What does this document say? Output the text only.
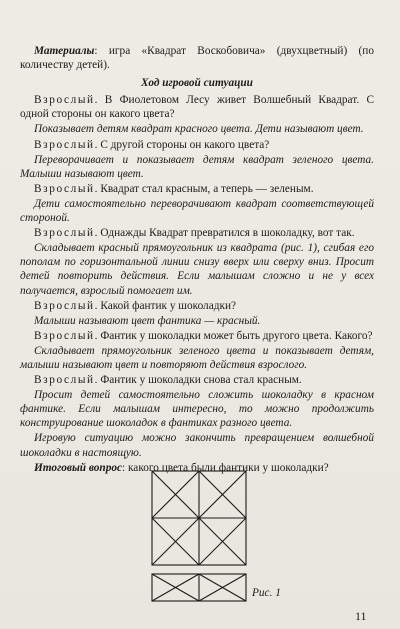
Материалы: игра «Квадрат Воскобовича» (двухцветный) (по количеству детей).

Ход игровой ситуации

Взрослый. В Фиолетовом Лесу живет Волшебный Квадрат. С одной стороны он какого цвета?

Показывает детям квадрат красного цвета. Дети называют цвет.

Взрослый. С другой стороны он какого цвета?

Переворачивает и показывает детям квадрат зеленого цвета. Малыши называют цвет.

Взрослый. Квадрат стал красным, а теперь — зеленым.

Дети самостоятельно переворачивают квадрат соответствующей стороной.

Взрослый. Однажды Квадрат превратился в шоколадку, вот так.

Складывает красный прямоугольник из квадрата (рис. 1), сгибая его пополам по горизонтальной линии снизу вверх или сверху вниз. Просит детей повторить действия. Если малышам сложно и не у всех получается, взрослый помогает им.

Взрослый. Какой фантик у шоколадки?

Малыши называют цвет фантика — красный.

Взрослый. Фантик у шоколадки может быть другого цвета. Какого?

Складывает прямоугольник зеленого цвета и показывает детям, малыши называют цвет и повторяют действия взрослого.

Взрослый. Фантик у шоколадки снова стал красным.

Просит детей самостоятельно сложить шоколадку в красном фантике. Если малышам интересно, то можно продолжить конструирование шоколадок в фантиках разного цвета.

Игровую ситуацию можно закончить превращением волшебной шоколадки в настоящую.

Итоговый вопрос: какого цвета были фантики у шоколадки?

Рис. 1
11
